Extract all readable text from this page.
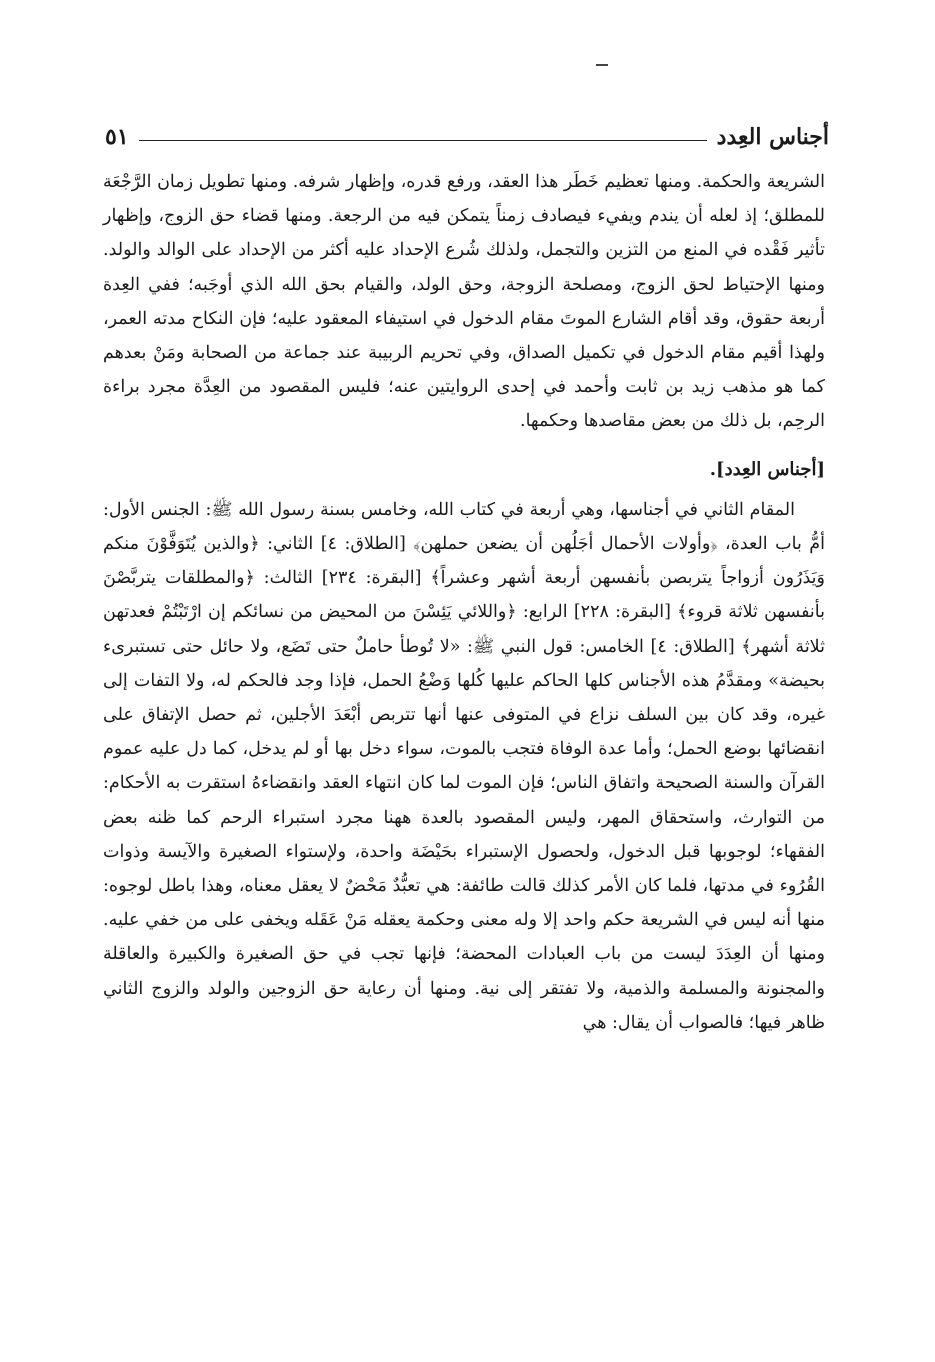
أجناس العِدد
٥١

الشريعة والحكمة. ومنها تعظيم خَطَر هذا العقد، ورفع قدره، وإظهار شرفه. ومنها تطويل زمان الرَّجْعَة للمطلق؛ إذ لعله أن يندم ويفيء فيصادف زمناً يتمكن فيه من الرجعة. ومنها قضاء حق الزوج، وإظهار تأثير فَقْده في المنع من التزين والتجمل، ولذلك شُرع الإحداد عليه أكثر من الإحداد على الوالد والولد. ومنها الإحتياط لحق الزوج، ومصلحة الزوجة، وحق الولد، والقيام بحق الله الذي أوجَبه؛ ففي العِدة أربعة حقوق، وقد أقام الشارع الموتَ مقام الدخول في استيفاء المعقود عليه؛ فإن النكاح مدته العمر، ولهذا أقيم مقام الدخول في تكميل الصداق، وفي تحريم الربيبة عند جماعة من الصحابة ومَنْ بعدهم كما هو مذهب زيد بن ثابت وأحمد في إحدى الروايتين عنه؛ فليس المقصود من العِدَّة مجرد براءة الرحِم، بل ذلك من بعض مقاصدها وحكمها.

[أجناس العِدد].

المقام الثاني في أجناسها، وهي أربعة في كتاب الله، وخامس بسنة رسول الله ﷺ: الجنس الأول: أمُّ باب العدة، ﴿وأولات الأحمال أجَلُهن أن يضعن حملهن﴾ [الطلاق: ٤] الثاني: ﴿والذين يُتَوَفَّوْنَ منكم وَيَذَرُون أزواجاً يتربصن بأنفسهن أربعة أشهر وعشراً﴾ [البقرة: ٢٣٤] الثالث: ﴿والمطلقات يتربَّصْنَ بأنفسهن ثلاثة قروء﴾ [البقرة: ٢٢٨] الرابع: ﴿واللائي يَئِسْنَ من المحيض من نسائكم إن ارْتَبْتُمْ فعدتهن ثلاثة أشهر﴾ [الطلاق: ٤] الخامس: قول النبي ﷺ: «لا تُوطأ حاملٌ حتى تَضَع، ولا حائل حتى تستبرىء بحيضة» ومقدَّمُ هذه الأجناس كلها الحاكم عليها كُلها وَضْعُ الحمل، فإذا وجد فالحكم له، ولا التفات إلى غيره، وقد كان بين السلف نزاع في المتوفى عنها أنها تتربص أبْعَدَ الأجلين، ثم حصل الإتفاق على انقضائها بوضع الحمل؛ وأما عدة الوفاة فتجب بالموت، سواء دخل بها أو لم يدخل، كما دل عليه عموم القرآن والسنة الصحيحة واتفاق الناس؛ فإن الموت لما كان انتهاء العقد وانقضاءهُ استقرت به الأحكام: من التوارث، واستحقاق المهر، وليس المقصود بالعدة ههنا مجرد استبراء الرحم كما ظنه بعض الفقهاء؛ لوجوبها قبل الدخول، ولحصول الإستبراء بحَيْضَة واحدة، ولإستواء الصغيرة والآيسة وذوات القُرُوء في مدتها، فلما كان الأمر كذلك قالت طائفة: هي تعبُّدٌ مَحْضٌ لا يعقل معناه، وهذا باطل لوجوه: منها أنه ليس في الشريعة حكم واحد إلا وله معنى وحكمة يعقله مَنْ عَقَله ويخفى على من خفي عليه. ومنها أن العِدَدَ ليست من باب العبادات المحضة؛ فإنها تجب في حق الصغيرة والكبيرة والعاقلة والمجنونة والمسلمة والذمية، ولا تفتقر إلى نية. ومنها أن رعاية حق الزوجين والولد والزوج الثاني ظاهر فيها؛ فالصواب أن يقال: هي
